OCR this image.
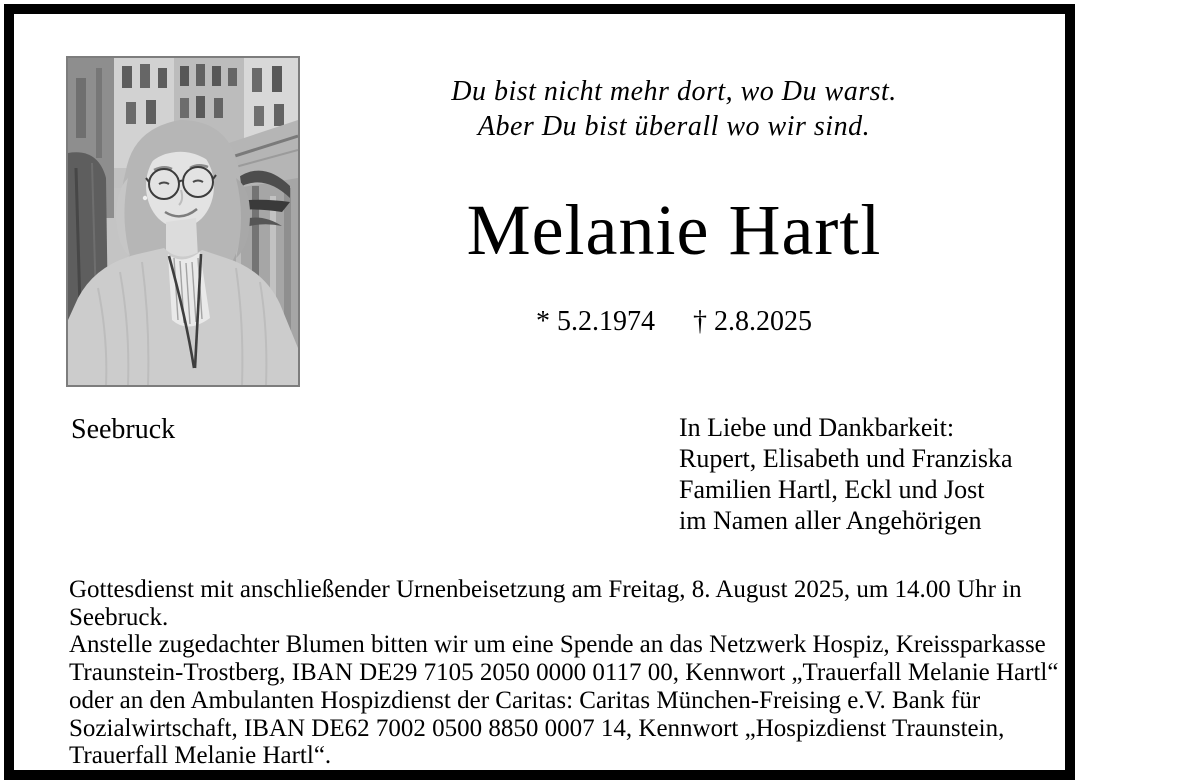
Du bist nicht mehr dort, wo Du warst.
Aber Du bist überall wo wir sind.
Melanie Hartl
* 5.2.1974 † 2.8.2025
Seebruck	In Liebe und Dankbarkeit:
Rupert, Elisabeth und Franziska
Familien Hartl, Eckl und Jost
im Namen aller Angehörigen
Gottesdienst mit anschließender Urnenbeisetzung am Freitag, 8. August 2025, um 14.00 Uhr in
Seebruck.
Anstelle zugedachter Blumen bitten wir um eine Spende an das Netzwerk Hospiz, Kreissparkasse
Traunstein-Trostberg, IBAN DE29 7105 2050 0000 0117 00, Kennwort „Trauerfall Melanie Hartl“
oder an den Ambulanten Hospizdienst der Caritas: Caritas München-Freising e.V. Bank für
Sozialwirtschaft, IBAN DE62 7002 0500 8850 0007 14, Kennwort „Hospizdienst Traunstein,
Trauerfall Melanie Hartl“.
